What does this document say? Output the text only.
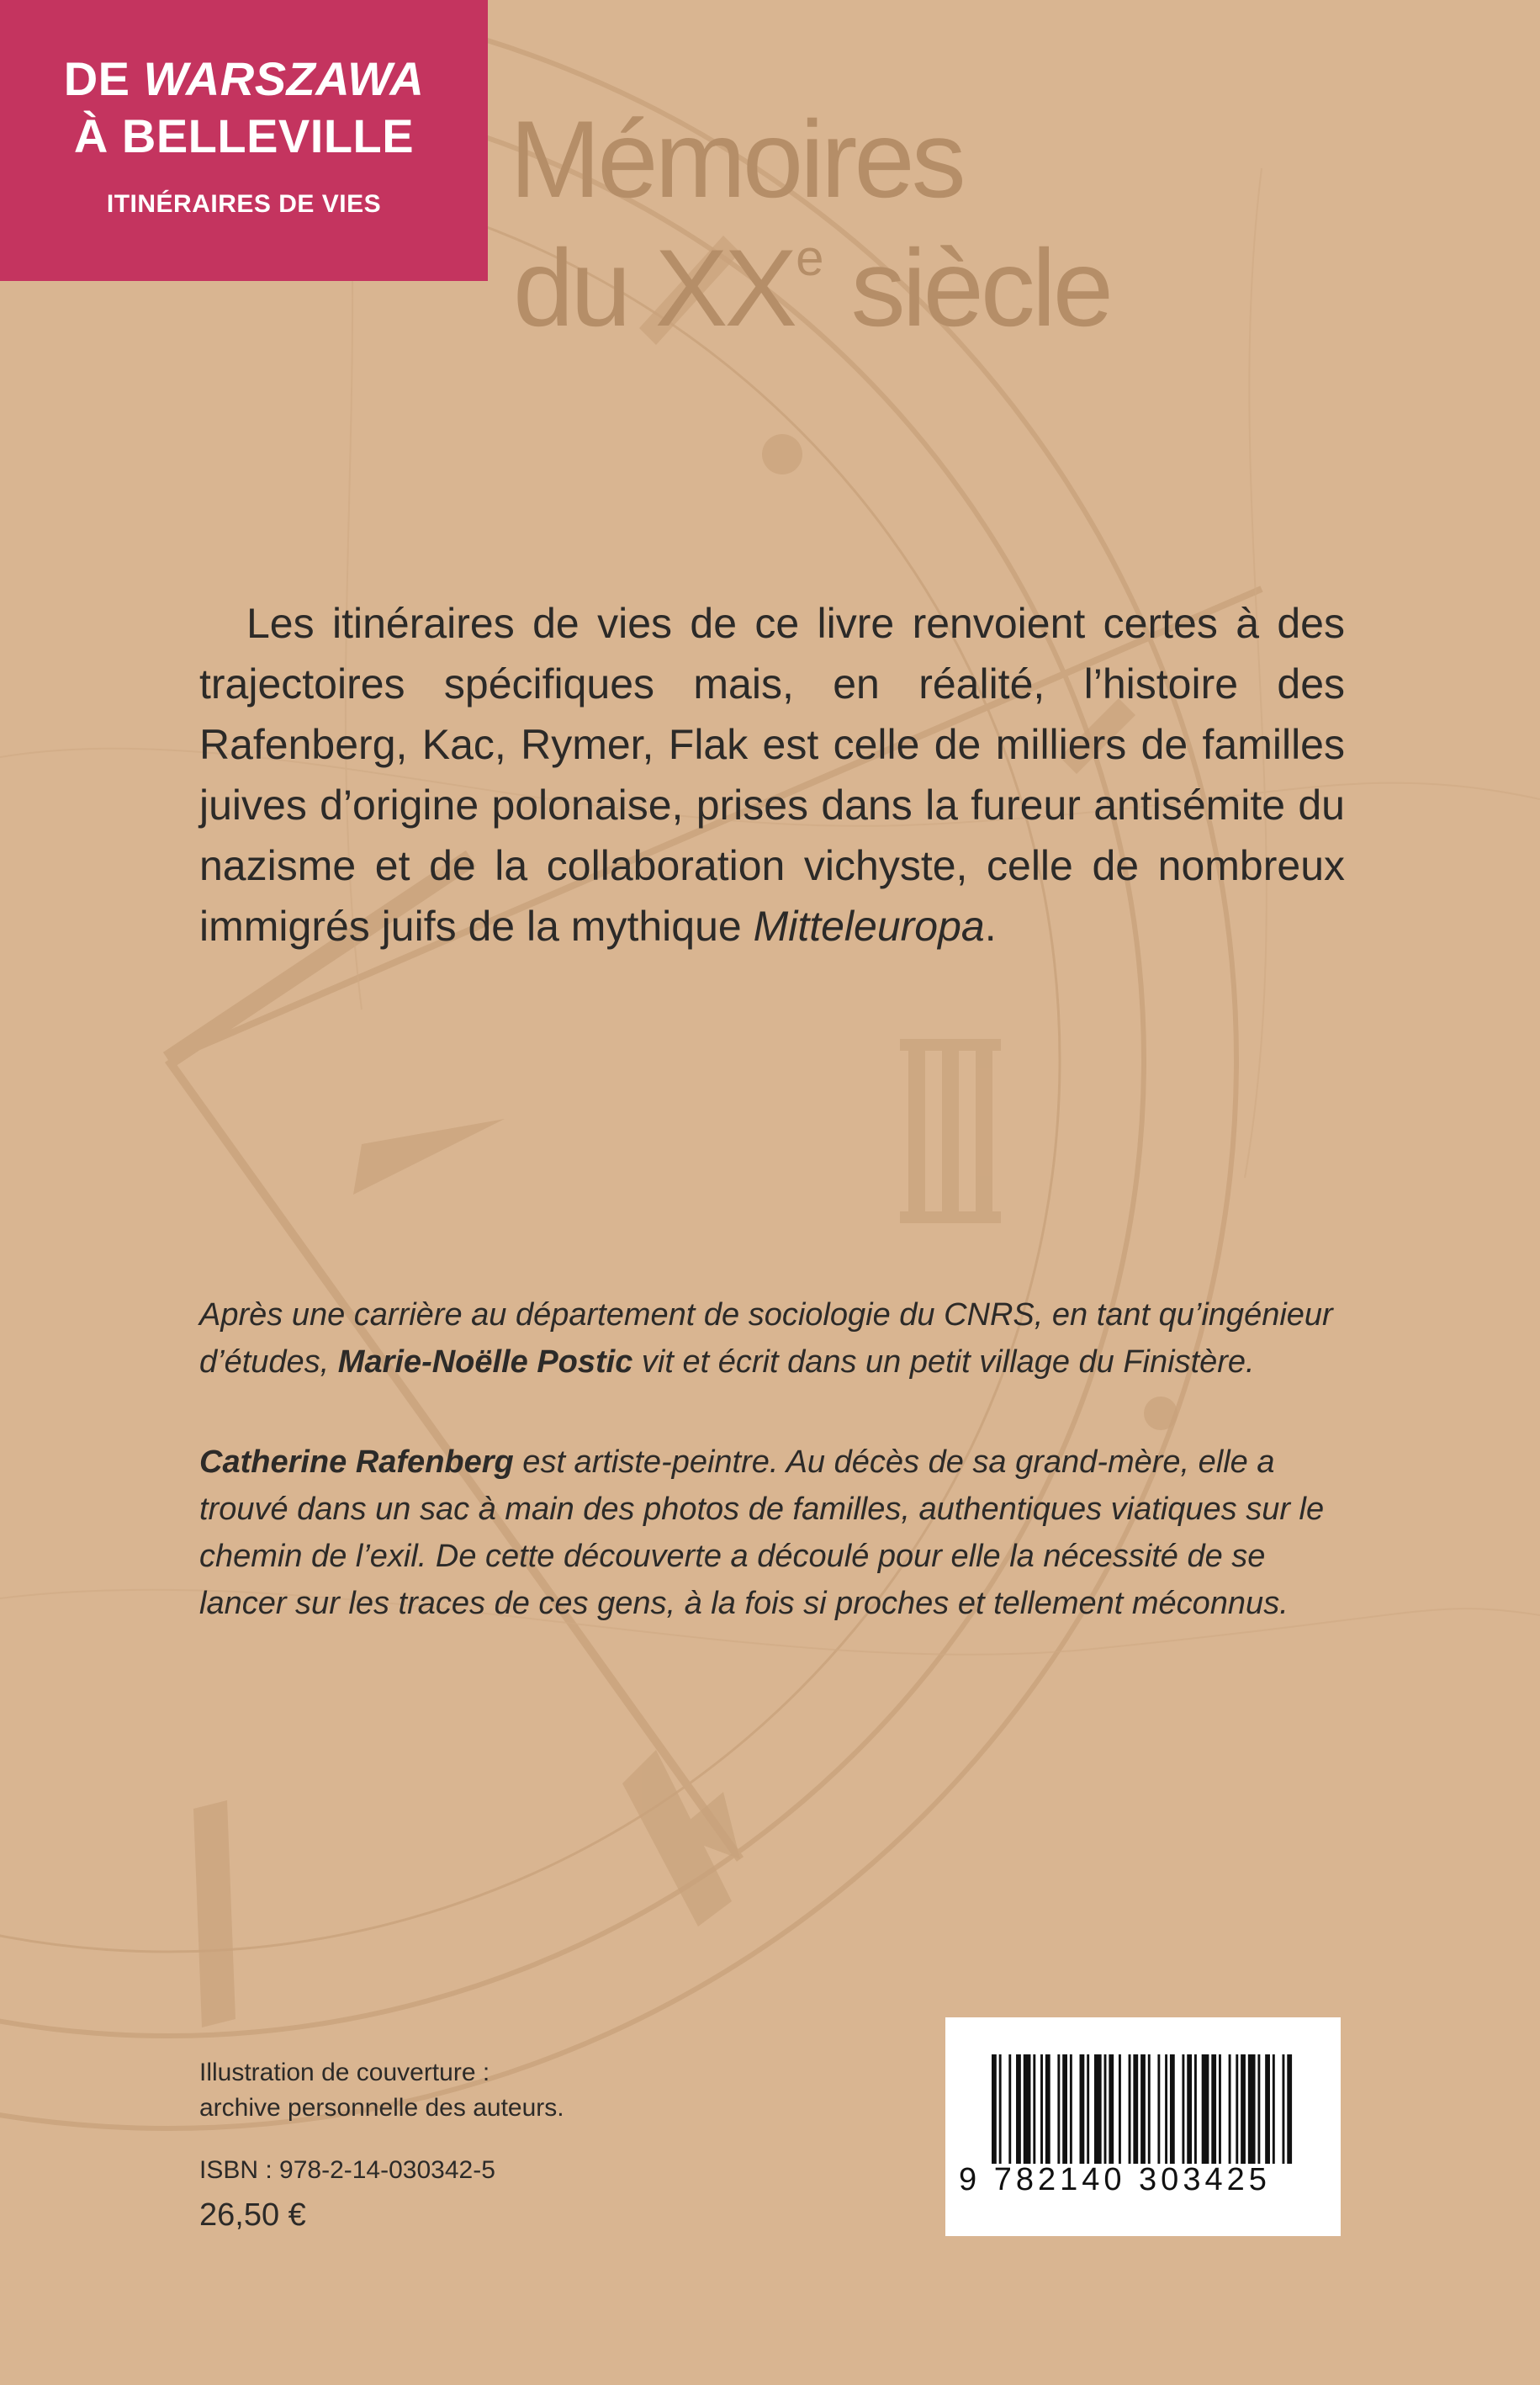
DE WARSZAWA
À BELLEVILLE
ITINÉRAIRES DE VIES	Mémoires
du XXe siècle
Les itinéraires de vies de ce livre renvoient certes à des trajectoires spécifiques mais, en réalité, l’histoire des Rafenberg, Kac, Rymer, Flak est celle de milliers de familles juives d’origine polonaise, prises dans la fureur antisémite du nazisme et de la collaboration vichyste, celle de nombreux immigrés juifs de la mythique Mitteleuropa.
Après une carrière au département de sociologie du CNRS, en tant qu’ingénieur d’études, Marie-Noëlle Postic vit et écrit dans un petit village du Finistère.
Catherine Rafenberg est artiste-peintre. Au décès de sa grand-mère, elle a trouvé dans un sac à main des photos de familles, authentiques viatiques sur le chemin de l’exil. De cette découverte a découlé pour elle la nécessité de se lancer sur les traces de ces gens, à la fois si proches et tellement méconnus.
Illustration de couverture :
archive personnelle des auteurs.
ISBN : 978-2-14-030342-5
26,50 €
9 782140 303425
